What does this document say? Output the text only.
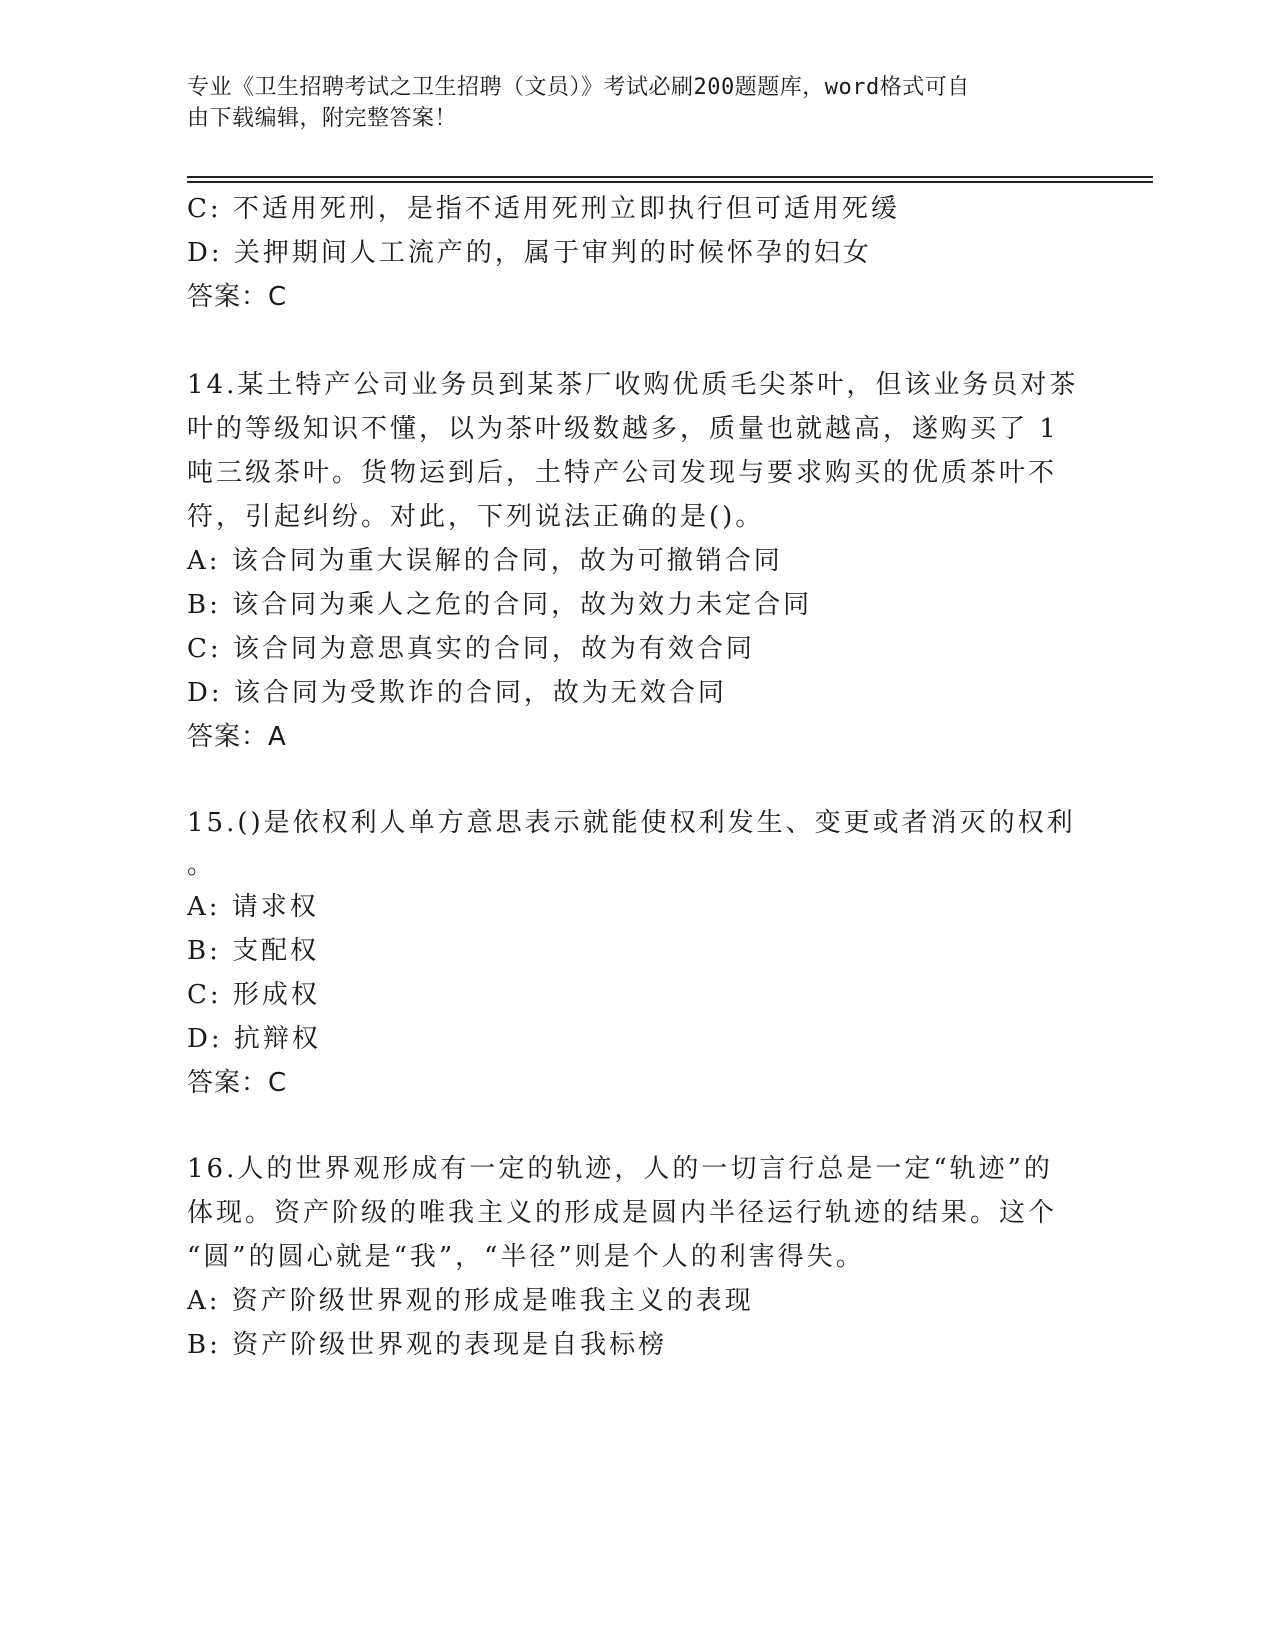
专业《卫生招聘考试之卫生招聘（文员）》考试必刷200题题库，word格式可自
由下载编辑，附完整答案！
C: 不适用死刑，是指不适用死刑立即执行但可适用死缓
D: 关押期间人工流产的，属于审判的时候怀孕的妇女
答案：C
14.某土特产公司业务员到某茶厂收购优质毛尖茶叶，但该业务员对茶
叶的等级知识不懂，以为茶叶级数越多，质量也就越高，遂购买了 1
吨三级茶叶。货物运到后，土特产公司发现与要求购买的优质茶叶不
符，引起纠纷。对此，下列说法正确的是()。
A: 该合同为重大误解的合同，故为可撤销合同
B: 该合同为乘人之危的合同，故为效力未定合同
C: 该合同为意思真实的合同，故为有效合同
D: 该合同为受欺诈的合同，故为无效合同
答案：A
15.()是依权利人单方意思表示就能使权利发生、变更或者消灭的权利
。
A: 请求权
B: 支配权
C: 形成权
D: 抗辩权
答案：C
16.人的世界观形成有一定的轨迹，人的一切言行总是一定“轨迹”的
体现。资产阶级的唯我主义的形成是圆内半径运行轨迹的结果。这个
“圆”的圆心就是“我”，“半径”则是个人的利害得失。
A: 资产阶级世界观的形成是唯我主义的表现
B: 资产阶级世界观的表现是自我标榜
